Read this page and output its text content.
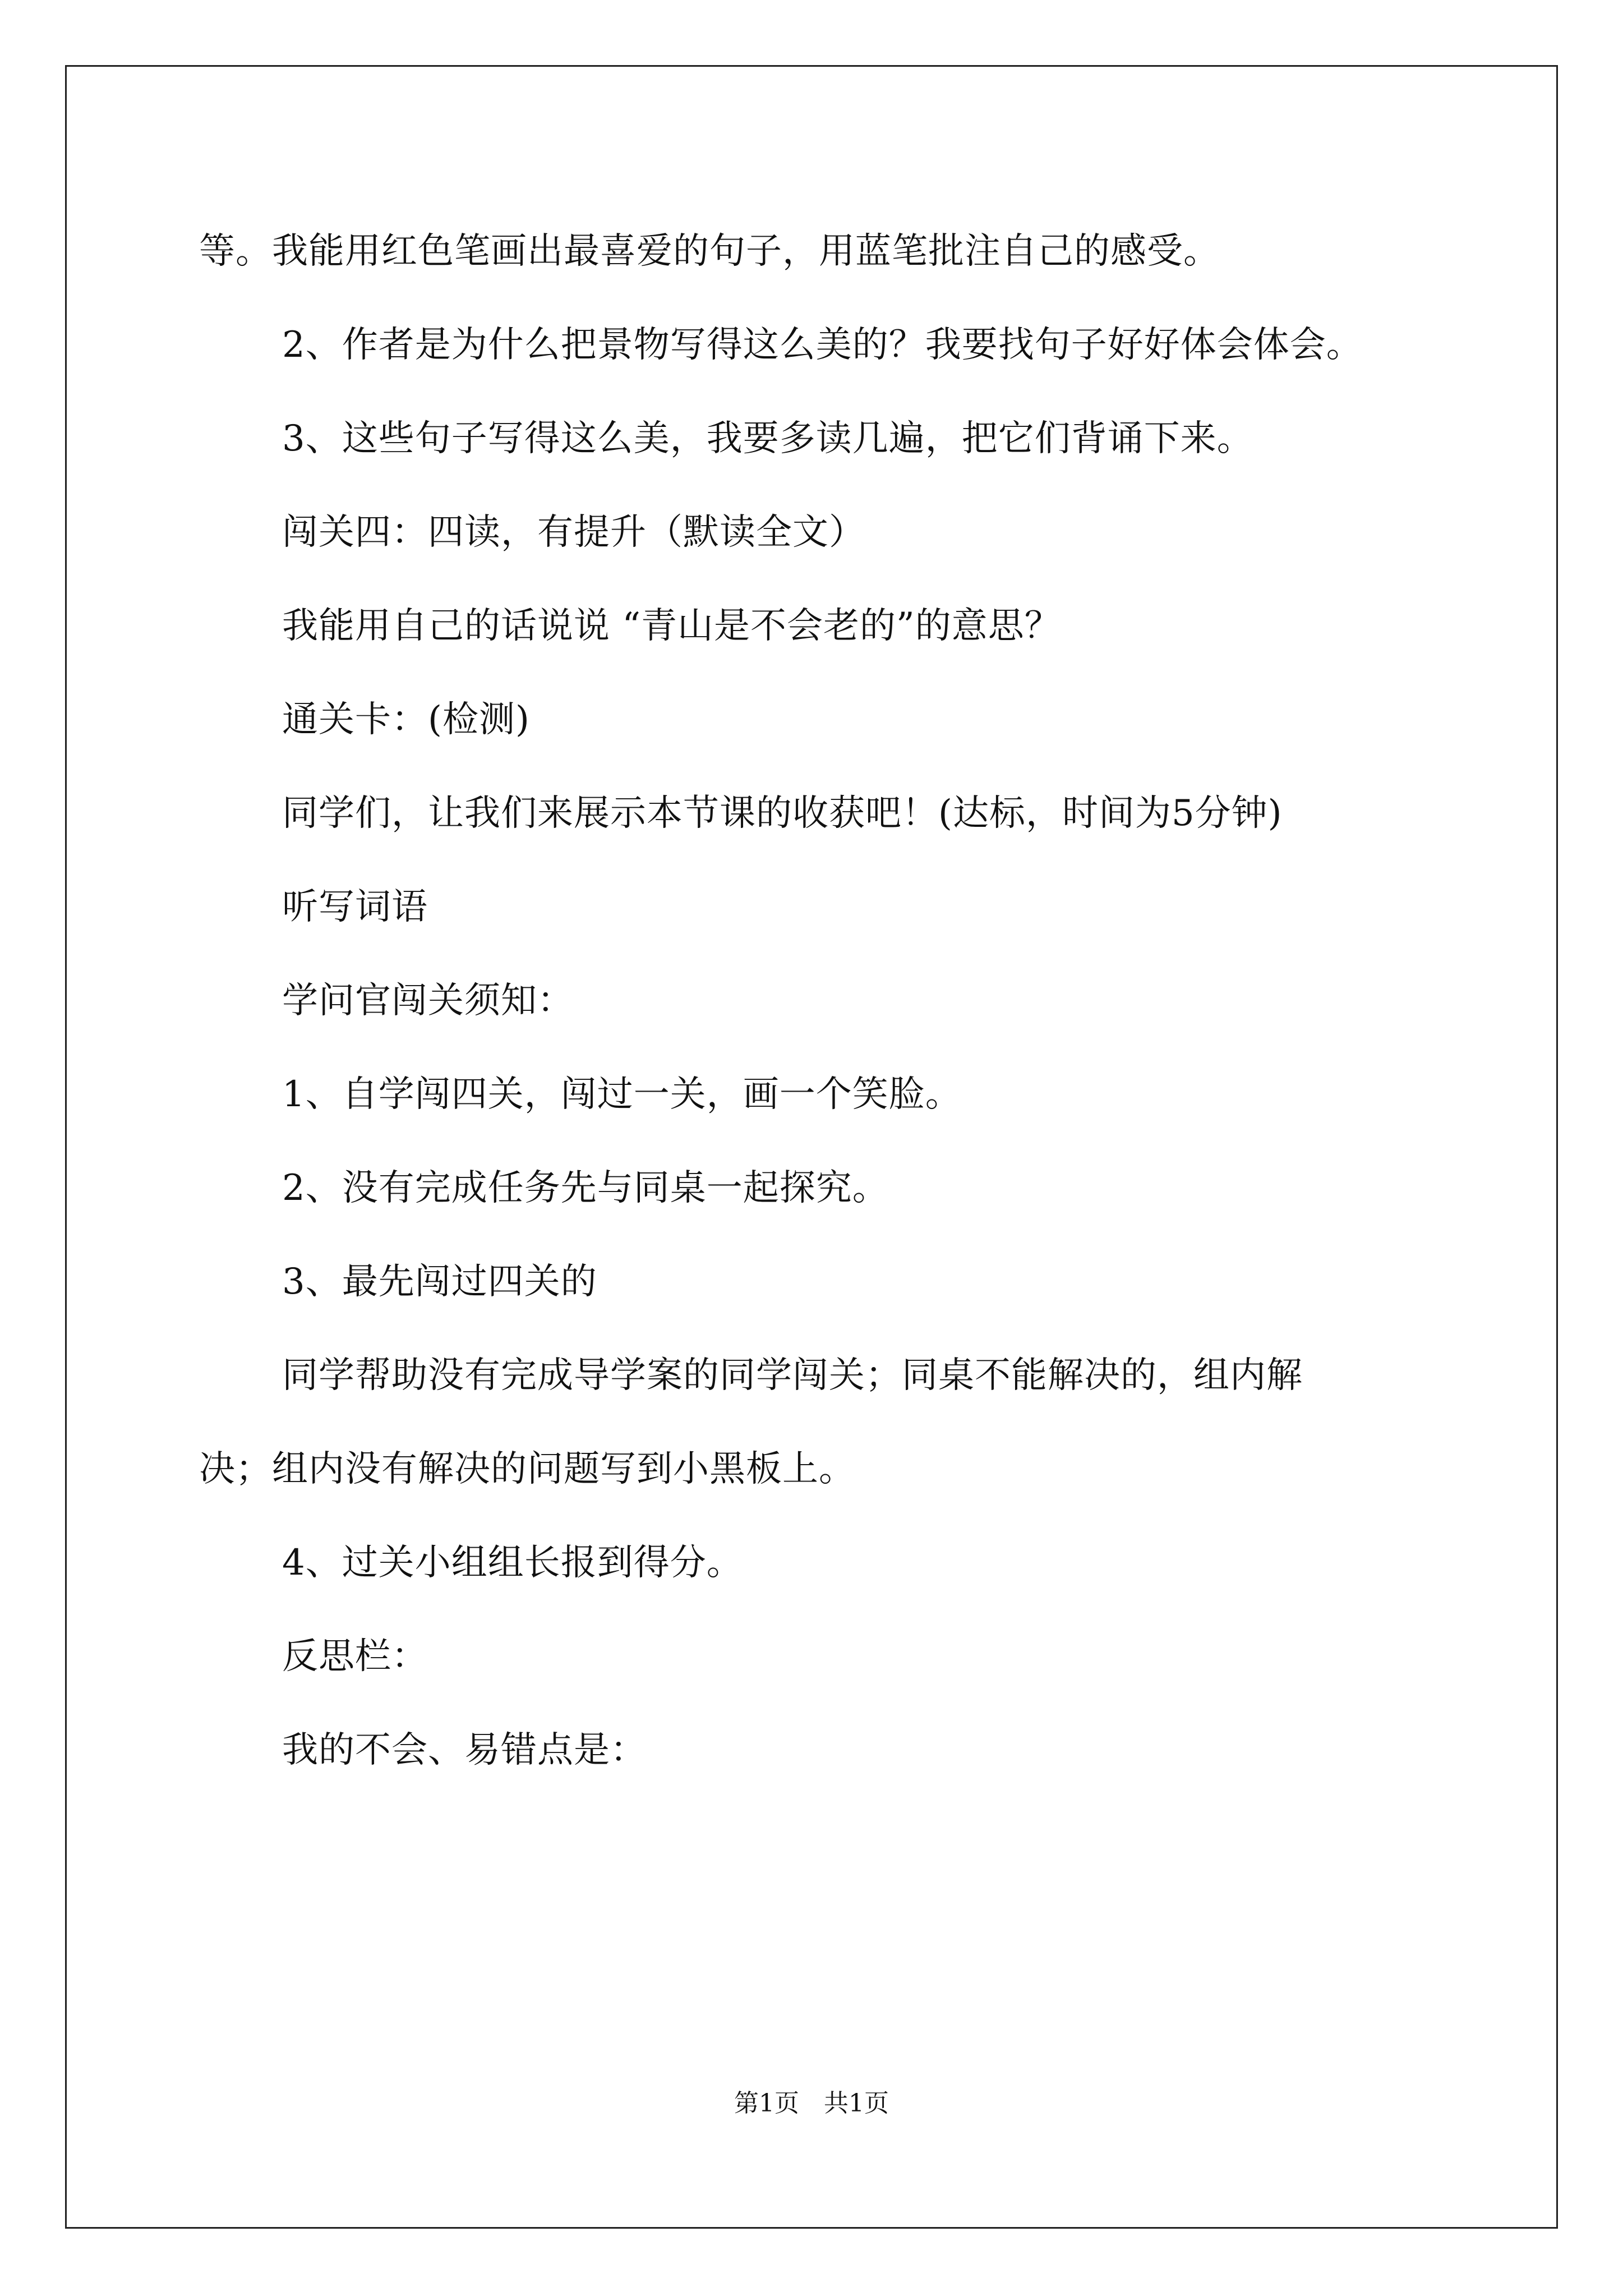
等。我能用红色笔画出最喜爱的句子，用蓝笔批注自己的感受。
2、作者是为什么把景物写得这么美的？我要找句子好好体会体会。
3、这些句子写得这么美，我要多读几遍，把它们背诵下来。
闯关四：四读，有提升（默读全文）
我能用自己的话说说 “青山是不会老的”的意思？
通关卡：(检测)
同学们，让我们来展示本节课的收获吧！(达标，时间为5分钟)
听写词语
学问官闯关须知：
1、自学闯四关，闯过一关，画一个笑脸。
2、没有完成任务先与同桌一起探究。
3、最先闯过四关的
同学帮助没有完成导学案的同学闯关；同桌不能解决的，组内解
决；组内没有解决的问题写到小黑板上。
4、过关小组组长报到得分。
反思栏：
我的不会、易错点是：
第1页 共1页
